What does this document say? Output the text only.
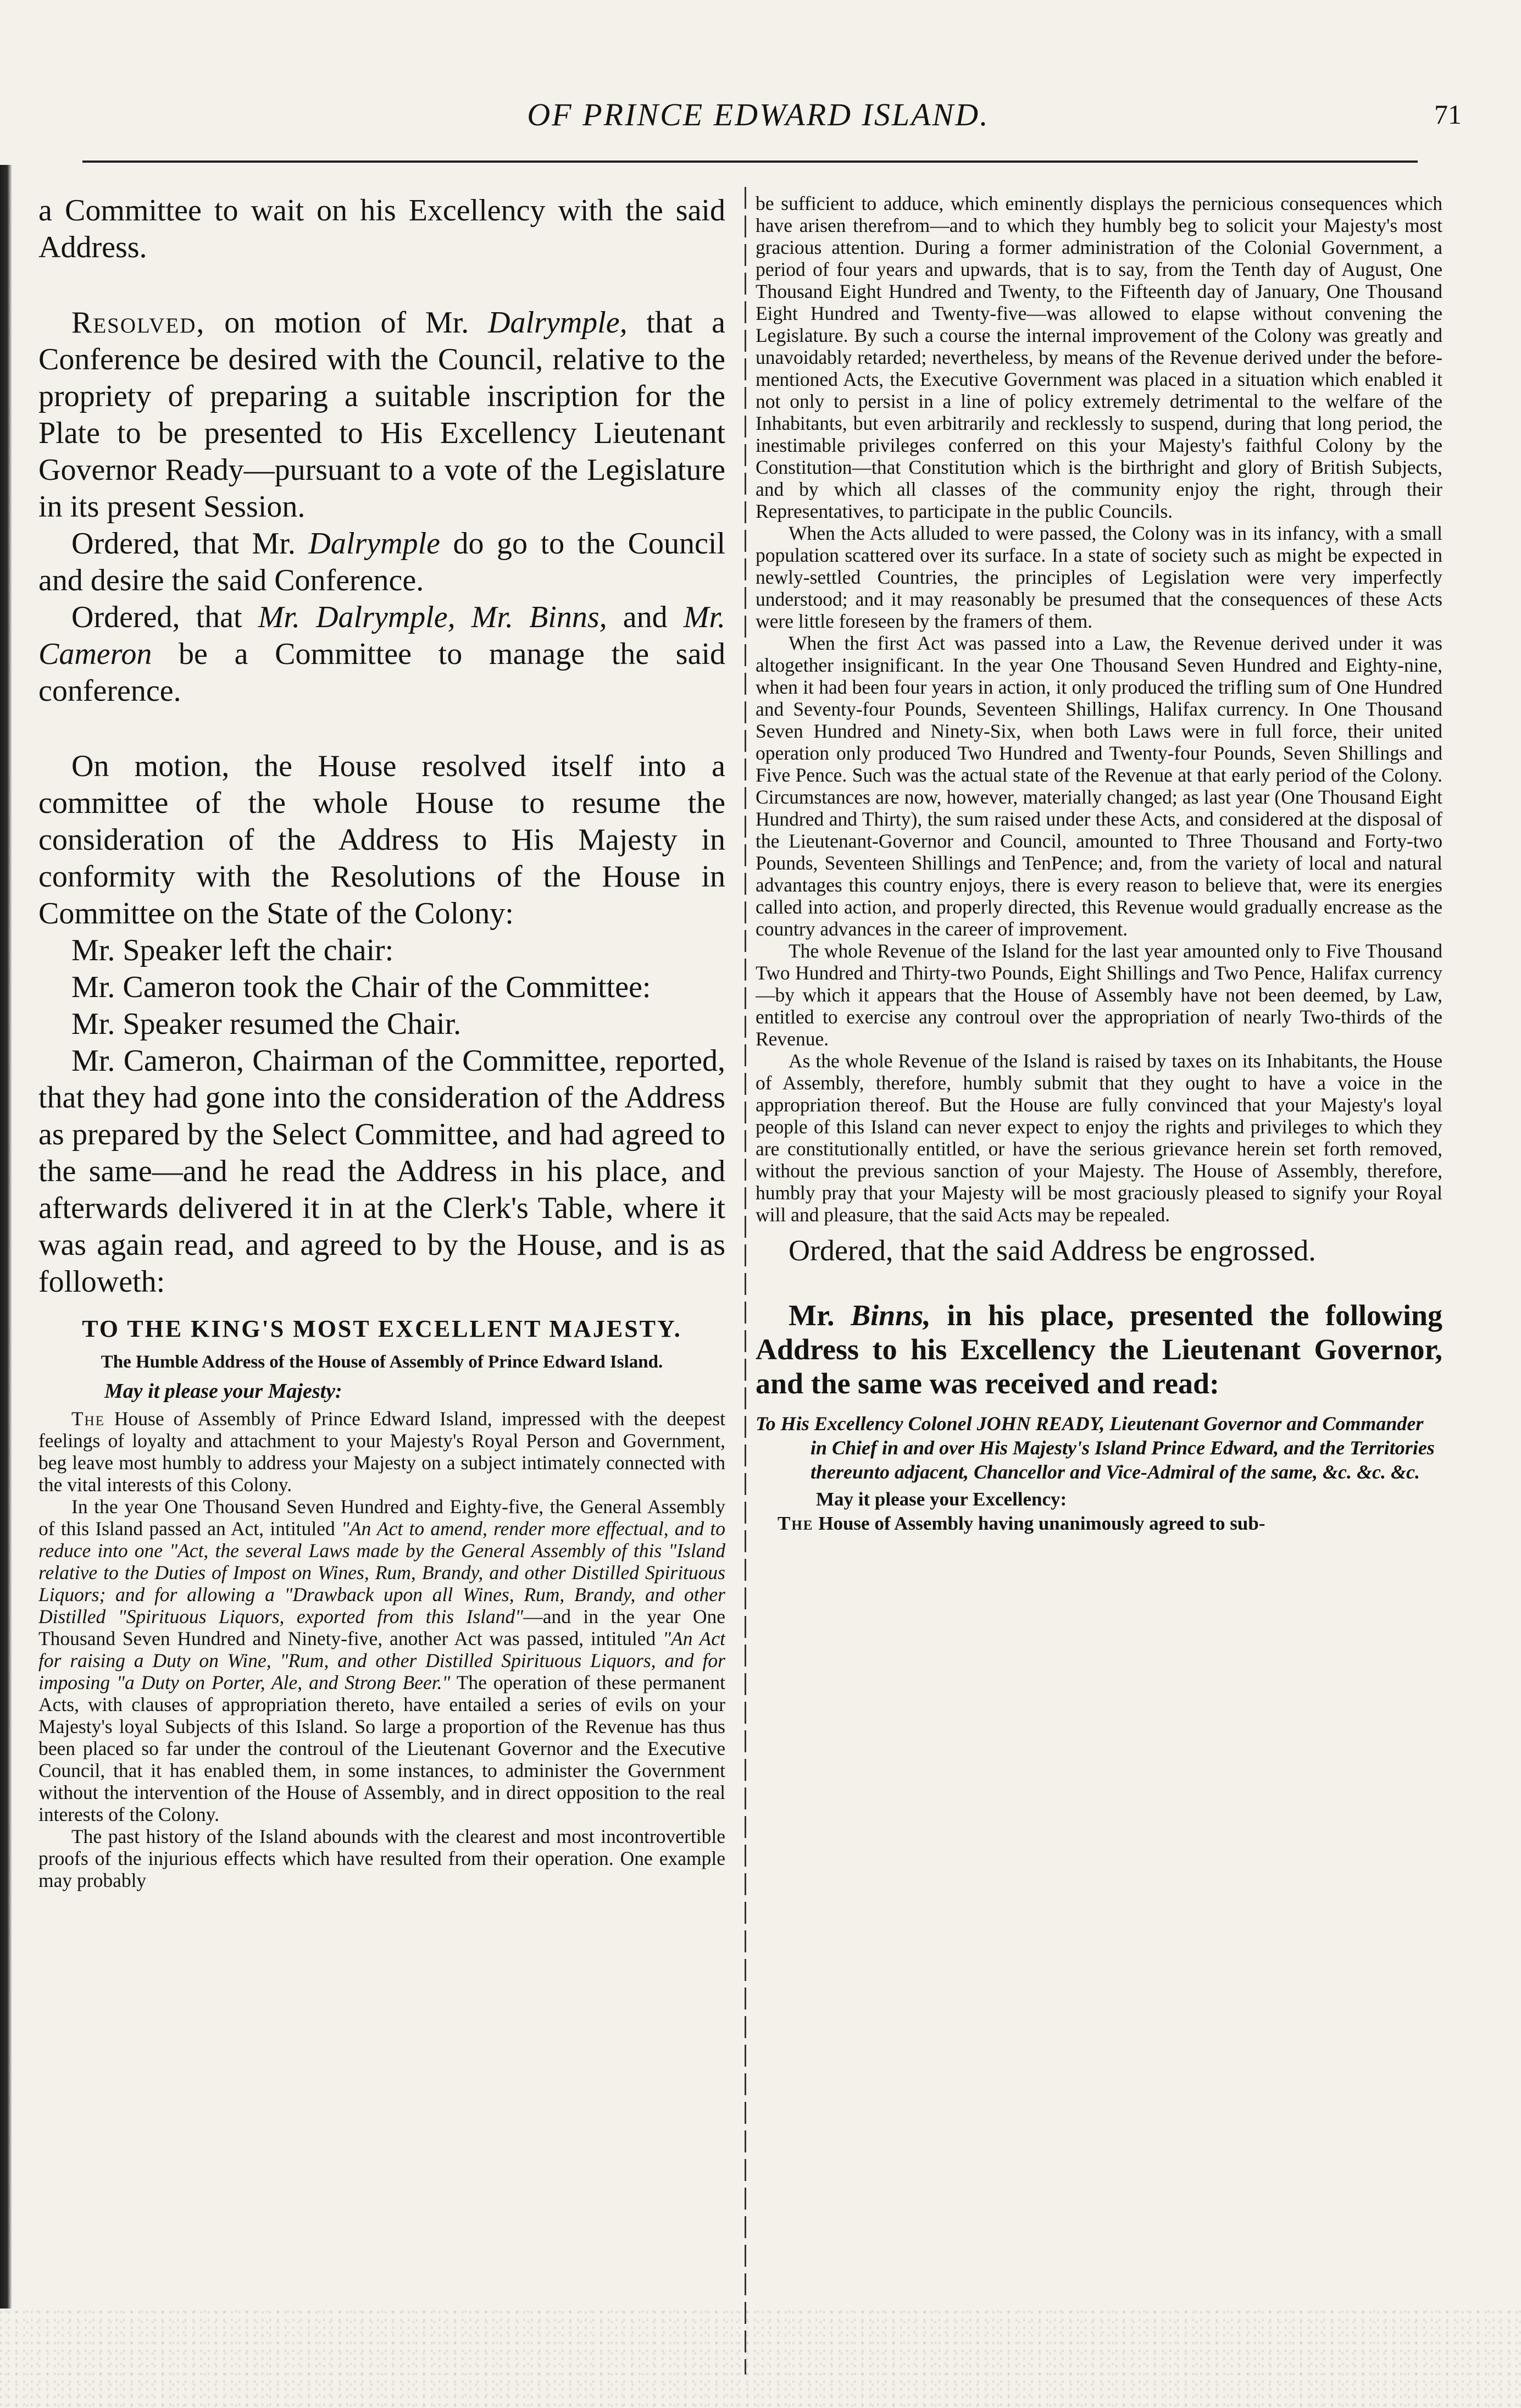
OF PRINCE EDWARD ISLAND.	71

a Committee to wait on his Excellency with the said Address.

Resolved, on motion of Mr. Dalrymple, that a Conference be desired with the Council, relative to the propriety of preparing a suitable inscription for the Plate to be presented to His Excellency Lieutenant Governor Ready—pursuant to a vote of the Legislature in its present Session.

Ordered, that Mr. Dalrymple do go to the Council and desire the said Conference.

Ordered, that Mr. Dalrymple, Mr. Binns, and Mr. Cameron be a Committee to manage the said conference.

On motion, the House resolved itself into a committee of the whole House to resume the consideration of the Address to His Majesty in conformity with the Resolutions of the House in Committee on the State of the Colony:

Mr. Speaker left the chair:

Mr. Cameron took the Chair of the Committee:

Mr. Speaker resumed the Chair.

Mr. Cameron, Chairman of the Committee, reported, that they had gone into the consideration of the Address as prepared by the Select Committee, and had agreed to the same—and he read the Address in his place, and afterwards delivered it in at the Clerk's Table, where it was again read, and agreed to by the House, and is as followeth:

TO THE KING'S MOST EXCELLENT MAJESTY.
The Humble Address of the House of Assembly of Prince Edward Island.
May it please your Majesty:

The House of Assembly of Prince Edward Island, impressed with the deepest feelings of loyalty and attachment to your Majesty's Royal Person and Government, beg leave most humbly to address your Majesty on a subject intimately connected with the vital interests of this Colony.

In the year One Thousand Seven Hundred and Eighty-five, the General Assembly of this Island passed an Act, intituled "An Act to amend, render more effectual, and to reduce into one "Act, the several Laws made by the General Assembly of this "Island relative to the Duties of Impost on Wines, Rum, Brandy, and other Distilled Spirituous Liquors; and for allowing a "Drawback upon all Wines, Rum, Brandy, and other Distilled "Spirituous Liquors, exported from this Island"—and in the year One Thousand Seven Hundred and Ninety-five, another Act was passed, intituled "An Act for raising a Duty on Wine, "Rum, and other Distilled Spirituous Liquors, and for imposing "a Duty on Porter, Ale, and Strong Beer." The operation of these permanent Acts, with clauses of appropriation thereto, have entailed a series of evils on your Majesty's loyal Subjects of this Island. So large a proportion of the Revenue has thus been placed so far under the controul of the Lieutenant Governor and the Executive Council, that it has enabled them, in some instances, to administer the Government without the intervention of the House of Assembly, and in direct opposition to the real interests of the Colony.

The past history of the Island abounds with the clearest and most incontrovertible proofs of the injurious effects which have resulted from their operation. One example may probably

be sufficient to adduce, which eminently displays the pernicious consequences which have arisen therefrom—and to which they humbly beg to solicit your Majesty's most gracious attention. During a former administration of the Colonial Government, a period of four years and upwards, that is to say, from the Tenth day of August, One Thousand Eight Hundred and Twenty, to the Fifteenth day of January, One Thousand Eight Hundred and Twenty-five—was allowed to elapse without convening the Legislature. By such a course the internal improvement of the Colony was greatly and unavoidably retarded; nevertheless, by means of the Revenue derived under the before-mentioned Acts, the Executive Government was placed in a situation which enabled it not only to persist in a line of policy extremely detrimental to the welfare of the Inhabitants, but even arbitrarily and recklessly to suspend, during that long period, the inestimable privileges conferred on this your Majesty's faithful Colony by the Constitution—that Constitution which is the birthright and glory of British Subjects, and by which all classes of the community enjoy the right, through their Representatives, to participate in the public Councils.

When the Acts alluded to were passed, the Colony was in its infancy, with a small population scattered over its surface. In a state of society such as might be expected in newly-settled Countries, the principles of Legislation were very imperfectly understood; and it may reasonably be presumed that the consequences of these Acts were little foreseen by the framers of them.

When the first Act was passed into a Law, the Revenue derived under it was altogether insignificant. In the year One Thousand Seven Hundred and Eighty-nine, when it had been four years in action, it only produced the trifling sum of One Hundred and Seventy-four Pounds, Seventeen Shillings, Halifax currency. In One Thousand Seven Hundred and Ninety-Six, when both Laws were in full force, their united operation only produced Two Hundred and Twenty-four Pounds, Seven Shillings and Five Pence. Such was the actual state of the Revenue at that early period of the Colony. Circumstances are now, however, materially changed; as last year (One Thousand Eight Hundred and Thirty), the sum raised under these Acts, and considered at the disposal of the Lieutenant-Governor and Council, amounted to Three Thousand and Forty-two Pounds, Seventeen Shillings and TenPence; and, from the variety of local and natural advantages this country enjoys, there is every reason to believe that, were its energies called into action, and properly directed, this Revenue would gradually encrease as the country advances in the career of improvement.

The whole Revenue of the Island for the last year amounted only to Five Thousand Two Hundred and Thirty-two Pounds, Eight Shillings and Two Pence, Halifax currency —by which it appears that the House of Assembly have not been deemed, by Law, entitled to exercise any controul over the appropriation of nearly Two-thirds of the Revenue.

As the whole Revenue of the Island is raised by taxes on its Inhabitants, the House of Assembly, therefore, humbly submit that they ought to have a voice in the appropriation thereof. But the House are fully convinced that your Majesty's loyal people of this Island can never expect to enjoy the rights and privileges to which they are constitutionally entitled, or have the serious grievance herein set forth removed, without the previous sanction of your Majesty. The House of Assembly, therefore, humbly pray that your Majesty will be most graciously pleased to signify your Royal will and pleasure, that the said Acts may be repealed.

Ordered, that the said Address be engrossed.

Mr. Binns, in his place, presented the following Address to his Excellency the Lieutenant Governor, and the same was received and read:

To His Excellency Colonel JOHN READY, Lieutenant Governor and Commander in Chief in and over His Majesty's Island Prince Edward, and the Territories thereunto adjacent, Chancellor and Vice-Admiral of the same, &c. &c. &c.

May it please your Excellency:
The House of Assembly having unanimously agreed to sub-
